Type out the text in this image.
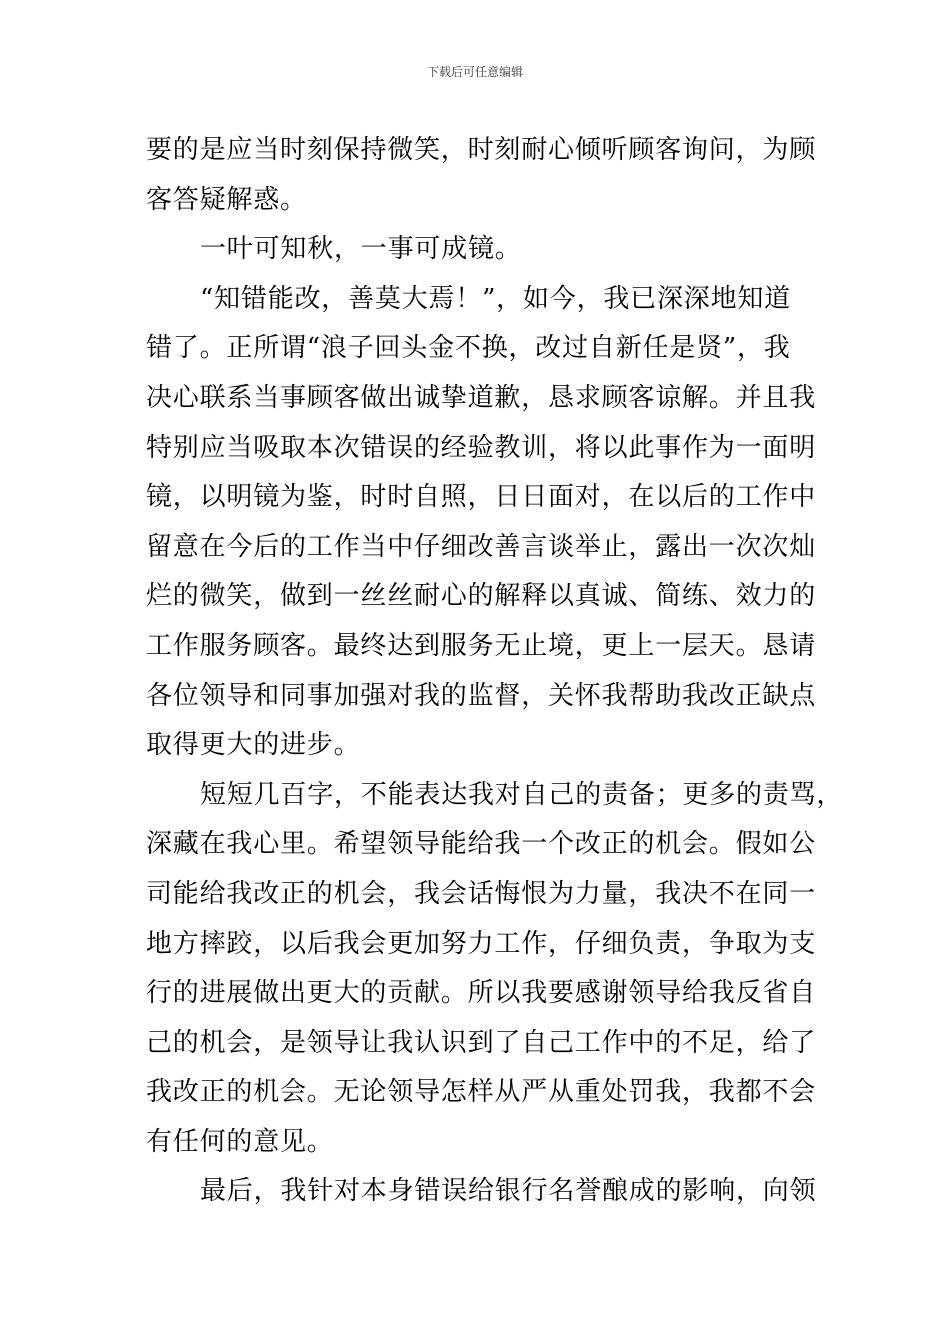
下载后可任意编辑
要的是应当时刻保持微笑，时刻耐心倾听顾客询问，为顾
客答疑解惑。
一叶可知秋，一事可成镜。
“知错能改，善莫大焉！”，如今，我已深深地知道
错了。正所谓“浪子回头金不换，改过自新任是贤”，我
决心联系当事顾客做出诚挚道歉，恳求顾客谅解。并且我
特别应当吸取本次错误的经验教训，将以此事作为一面明
镜，以明镜为鉴，时时自照，日日面对，在以后的工作中
留意在今后的工作当中仔细改善言谈举止，露出一次次灿
烂的微笑，做到一丝丝耐心的解释以真诚、简练、效力的
工作服务顾客。最终达到服务无止境，更上一层天。恳请
各位领导和同事加强对我的监督，关怀我帮助我改正缺点
取得更大的进步。
短短几百字，不能表达我对自己的责备；更多的责骂，
深藏在我心里。希望领导能给我一个改正的机会。假如公
司能给我改正的机会，我会话悔恨为力量，我决不在同一
地方摔跤，以后我会更加努力工作，仔细负责，争取为支
行的进展做出更大的贡献。所以我要感谢领导给我反省自
己的机会，是领导让我认识到了自己工作中的不足，给了
我改正的机会。无论领导怎样从严从重处罚我，我都不会
有任何的意见。
最后，我针对本身错误给银行名誉酿成的影响，向领
